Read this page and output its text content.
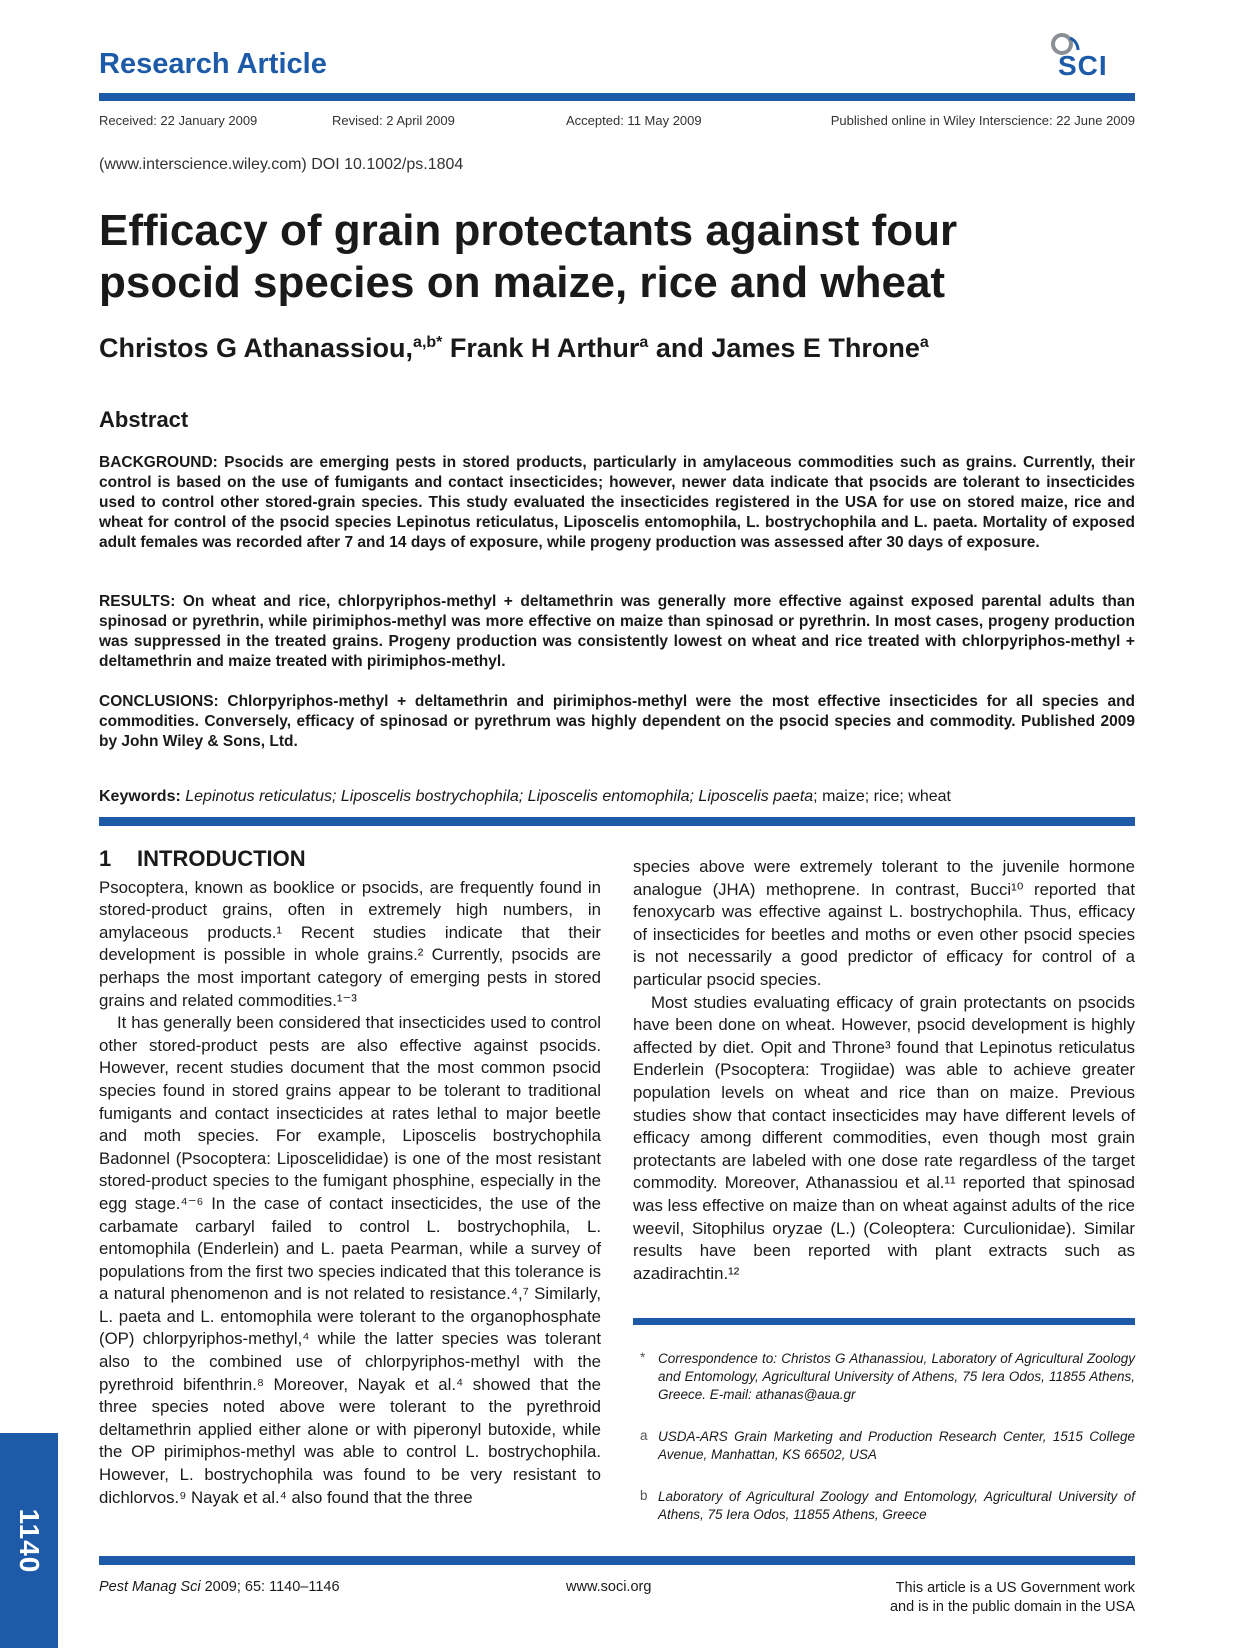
Research Article	SCI
Received: 22 January 2009	Revised: 2 April 2009	Accepted: 11 May 2009	Published online in Wiley Interscience: 22 June 2009
(www.interscience.wiley.com) DOI 10.1002/ps.1804
Efficacy of grain protectants against four psocid species on maize, rice and wheat
Christos G Athanassiou,$^{a,b*}$ Frank H Arthur$^a$ and James E Throne$^a$
Abstract

BACKGROUND: Psocids are emerging pests in stored products, particularly in amylaceous commodities such as grains. Currently, their control is based on the use of fumigants and contact insecticides; however, newer data indicate that psocids are tolerant to insecticides used to control other stored-grain species. This study evaluated the insecticides registered in the USA for use on stored maize, rice and wheat for control of the psocid species Lepinotus reticulatus, Liposcelis entomophila, L. bostrychophila and L. paeta. Mortality of exposed adult females was recorded after 7 and 14 days of exposure, while progeny production was assessed after 30 days of exposure.

RESULTS: On wheat and rice, chlorpyriphos-methyl + deltamethrin was generally more effective against exposed parental adults than spinosad or pyrethrin, while pirimiphos-methyl was more effective on maize than spinosad or pyrethrin. In most cases, progeny production was suppressed in the treated grains. Progeny production was consistently lowest on wheat and rice treated with chlorpyriphos-methyl + deltamethrin and maize treated with pirimiphos-methyl.

CONCLUSIONS: Chlorpyriphos-methyl + deltamethrin and pirimiphos-methyl were the most effective insecticides for all species and commodities. Conversely, efficacy of spinosad or pyrethrum was highly dependent on the psocid species and commodity. Published 2009 by John Wiley & Sons, Ltd.

Keywords: Lepinotus reticulatus; Liposcelis bostrychophila; Liposcelis entomophila; Liposcelis paeta; maize; rice; wheat
1 INTRODUCTION

Psocoptera, known as booklice or psocids, are frequently found in stored-product grains, often in extremely high numbers, in amylaceous products.¹ Recent studies indicate that their development is possible in whole grains.² Currently, psocids are perhaps the most important category of emerging pests in stored grains and related commodities.¹⁻³

It has generally been considered that insecticides used to control other stored-product pests are also effective against psocids. However, recent studies document that the most common psocid species found in stored grains appear to be tolerant to traditional fumigants and contact insecticides at rates lethal to major beetle and moth species. For example, Liposcelis bostrychophila Badonnel (Psocoptera: Liposcelididae) is one of the most resistant stored-product species to the fumigant phosphine, especially in the egg stage.⁴⁻⁶ In the case of contact insecticides, the use of the carbamate carbaryl failed to control L. bostrychophila, L. entomophila (Enderlein) and L. paeta Pearman, while a survey of populations from the first two species indicated that this tolerance is a natural phenomenon and is not related to resistance.⁴,⁷ Similarly, L. paeta and L. entomophila were tolerant to the organophosphate (OP) chlorpyriphos-methyl,⁴ while the latter species was tolerant also to the combined use of chlorpyriphos-methyl with the pyrethroid bifenthrin.⁸ Moreover, Nayak et al.⁴ showed that the three species noted above were tolerant to the pyrethroid deltamethrin applied either alone or with piperonyl butoxide, while the OP pirimiphos-methyl was able to control L. bostrychophila. However, L. bostrychophila was found to be very resistant to dichlorvos.⁹ Nayak et al.⁴ also found that the three

species above were extremely tolerant to the juvenile hormone analogue (JHA) methoprene. In contrast, Bucci¹⁰ reported that fenoxycarb was effective against L. bostrychophila. Thus, efficacy of insecticides for beetles and moths or even other psocid species is not necessarily a good predictor of efficacy for control of a particular psocid species.

Most studies evaluating efficacy of grain protectants on psocids have been done on wheat. However, psocid development is highly affected by diet. Opit and Throne³ found that Lepinotus reticulatus Enderlein (Psocoptera: Trogiidae) was able to achieve greater population levels on wheat and rice than on maize. Previous studies show that contact insecticides may have different levels of efficacy among different commodities, even though most grain protectants are labeled with one dose rate regardless of the target commodity. Moreover, Athanassiou et al.¹¹ reported that spinosad was less effective on maize than on wheat against adults of the rice weevil, Sitophilus oryzae (L.) (Coleoptera: Curculionidae). Similar results have been reported with plant extracts such as azadirachtin.¹²

* Correspondence to: Christos G Athanassiou, Laboratory of Agricultural Zoology and Entomology, Agricultural University of Athens, 75 Iera Odos, 11855 Athens, Greece. E-mail: athanas@aua.gr
a USDA-ARS Grain Marketing and Production Research Center, 1515 College Avenue, Manhattan, KS 66502, USA
b Laboratory of Agricultural Zoology and Entomology, Agricultural University of Athens, 75 Iera Odos, 11855 Athens, Greece
Pest Manag Sci 2009; 65: 1140–1146	www.soci.org	This article is a US Government work
and is in the public domain in the USA
1140
